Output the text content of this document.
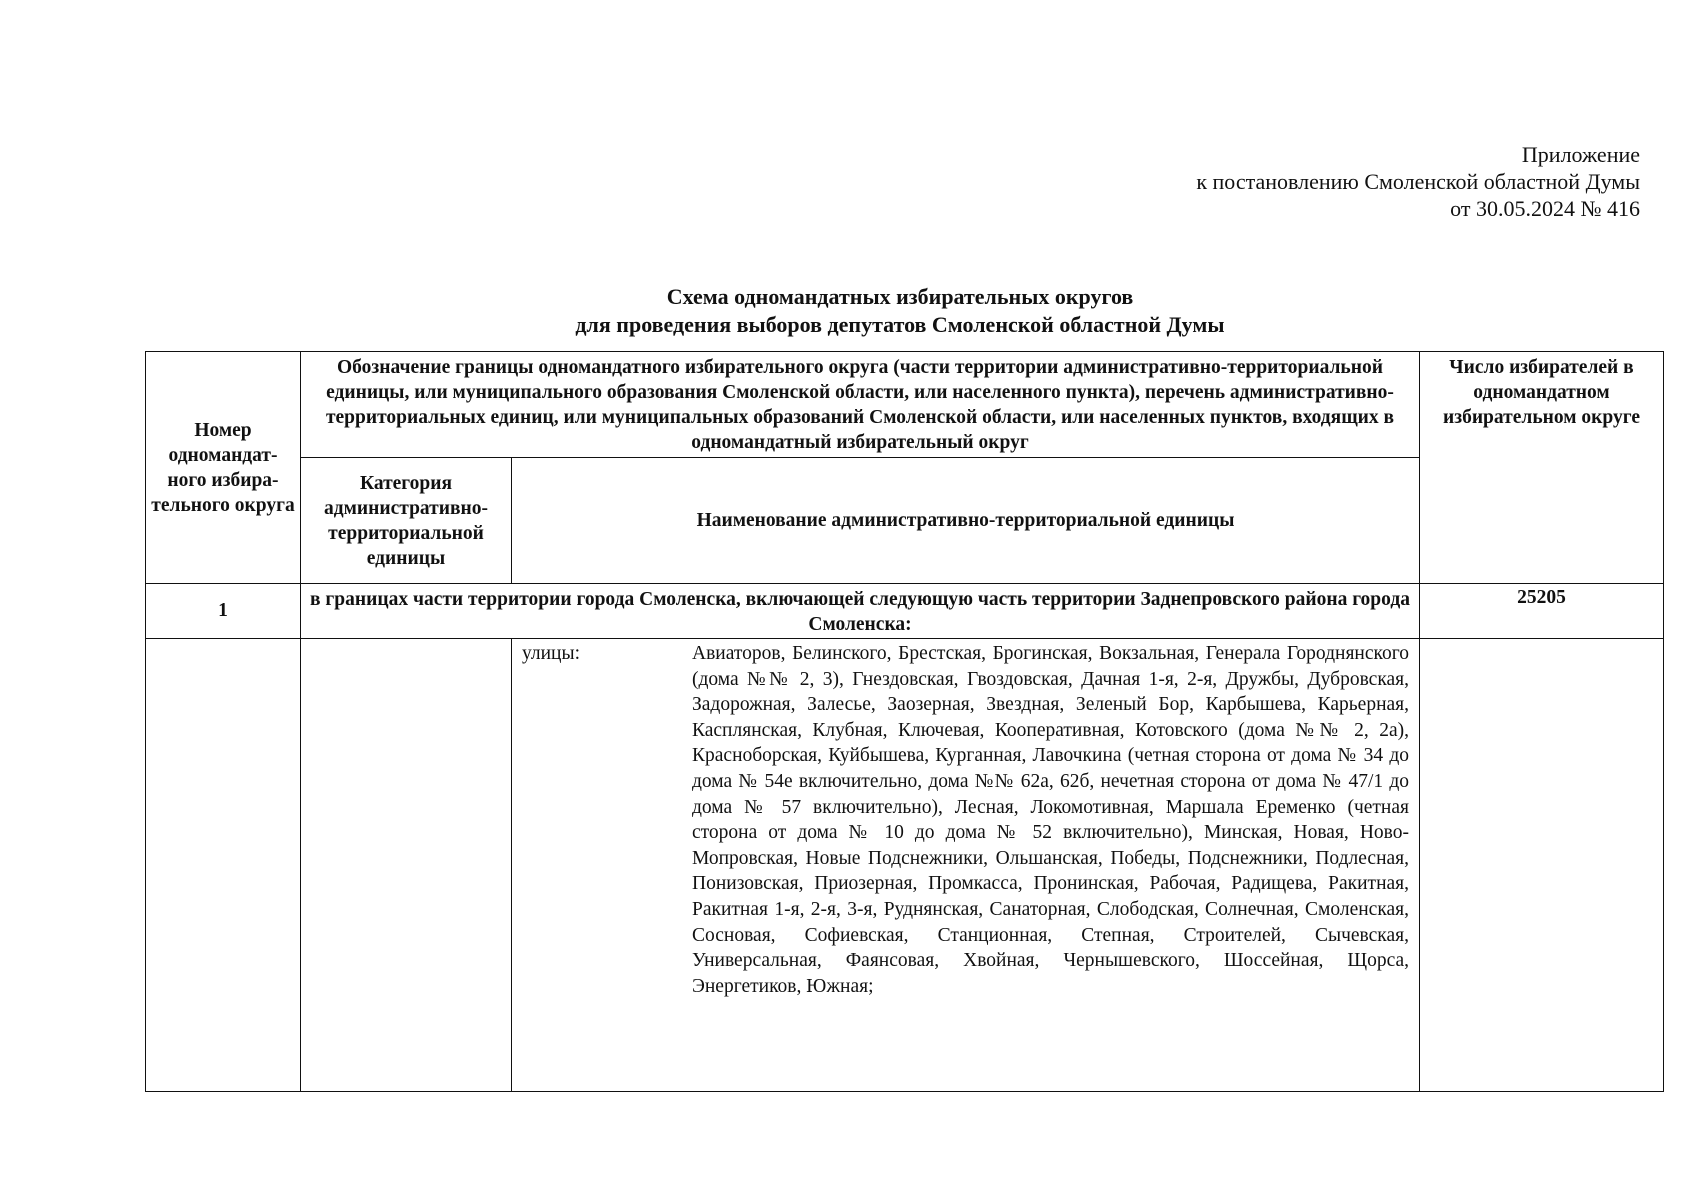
Приложение
к постановлению Смоленской областной Думы
от 30.05.2024 № 416
Схема одномандатных избирательных округов
для проведения выборов депутатов Смоленской областной Думы
Номер одномандат-ного избира-тельного округа	Обозначение границы одномандатного избирательного округа (части территории административно-территориальной единицы, или муниципального образования Смоленской области, или населенного пункта), перечень административно-территориальных единиц, или муниципальных образований Смоленской области, или населенных пунктов, входящих в одномандатный избирательный округ		Число избирателей в одномандатном избирательном округе
	Категория административно-территориальной единицы	Наименование административно-территориальной единицы	
1	в границах части территории города Смоленска, включающей следующую часть территории Заднепровского района города Смоленска:		25205

		улицы: Авиаторов, Белинского, Брестская, Брогинская, Вокзальная, Генерала Городнянского (дома №№ 2, 3), Гнездовская, Гвоздовская, Дачная 1-я, 2-я, Дружбы, Дубровская, Задорожная, Залесье, Заозерная, Звездная, Зеленый Бор, Карбышева, Карьерная, Касплянская, Клубная, Ключевая, Кооперативная, Котовского (дома №№ 2, 2а), Красноборская, Куйбышева, Курганная, Лавочкина (четная сторона от дома № 34 до дома № 54е включительно, дома №№ 62а, 62б, нечетная сторона от дома № 47/1 до дома № 57 включительно), Лесная, Локомотивная, Маршала Еременко (четная сторона от дома № 10 до дома № 52 включительно), Минская, Новая, Ново-Мопровская, Новые Подснежники, Ольшанская, Победы, Подснежники, Подлесная, Понизовская, Приозерная, Промкасса, Пронинская, Рабочая, Радищева, Ракитная, Ракитная 1-я, 2-я, 3-я, Руднянская, Санаторная, Слободская, Солнечная, Смоленская, Сосновая, Софиевская, Станционная, Степная, Строителей, Сычевская, Универсальная, Фаянсовая, Хвойная, Чернышевского, Шоссейная, Щорса, Энергетиков, Южная;	
